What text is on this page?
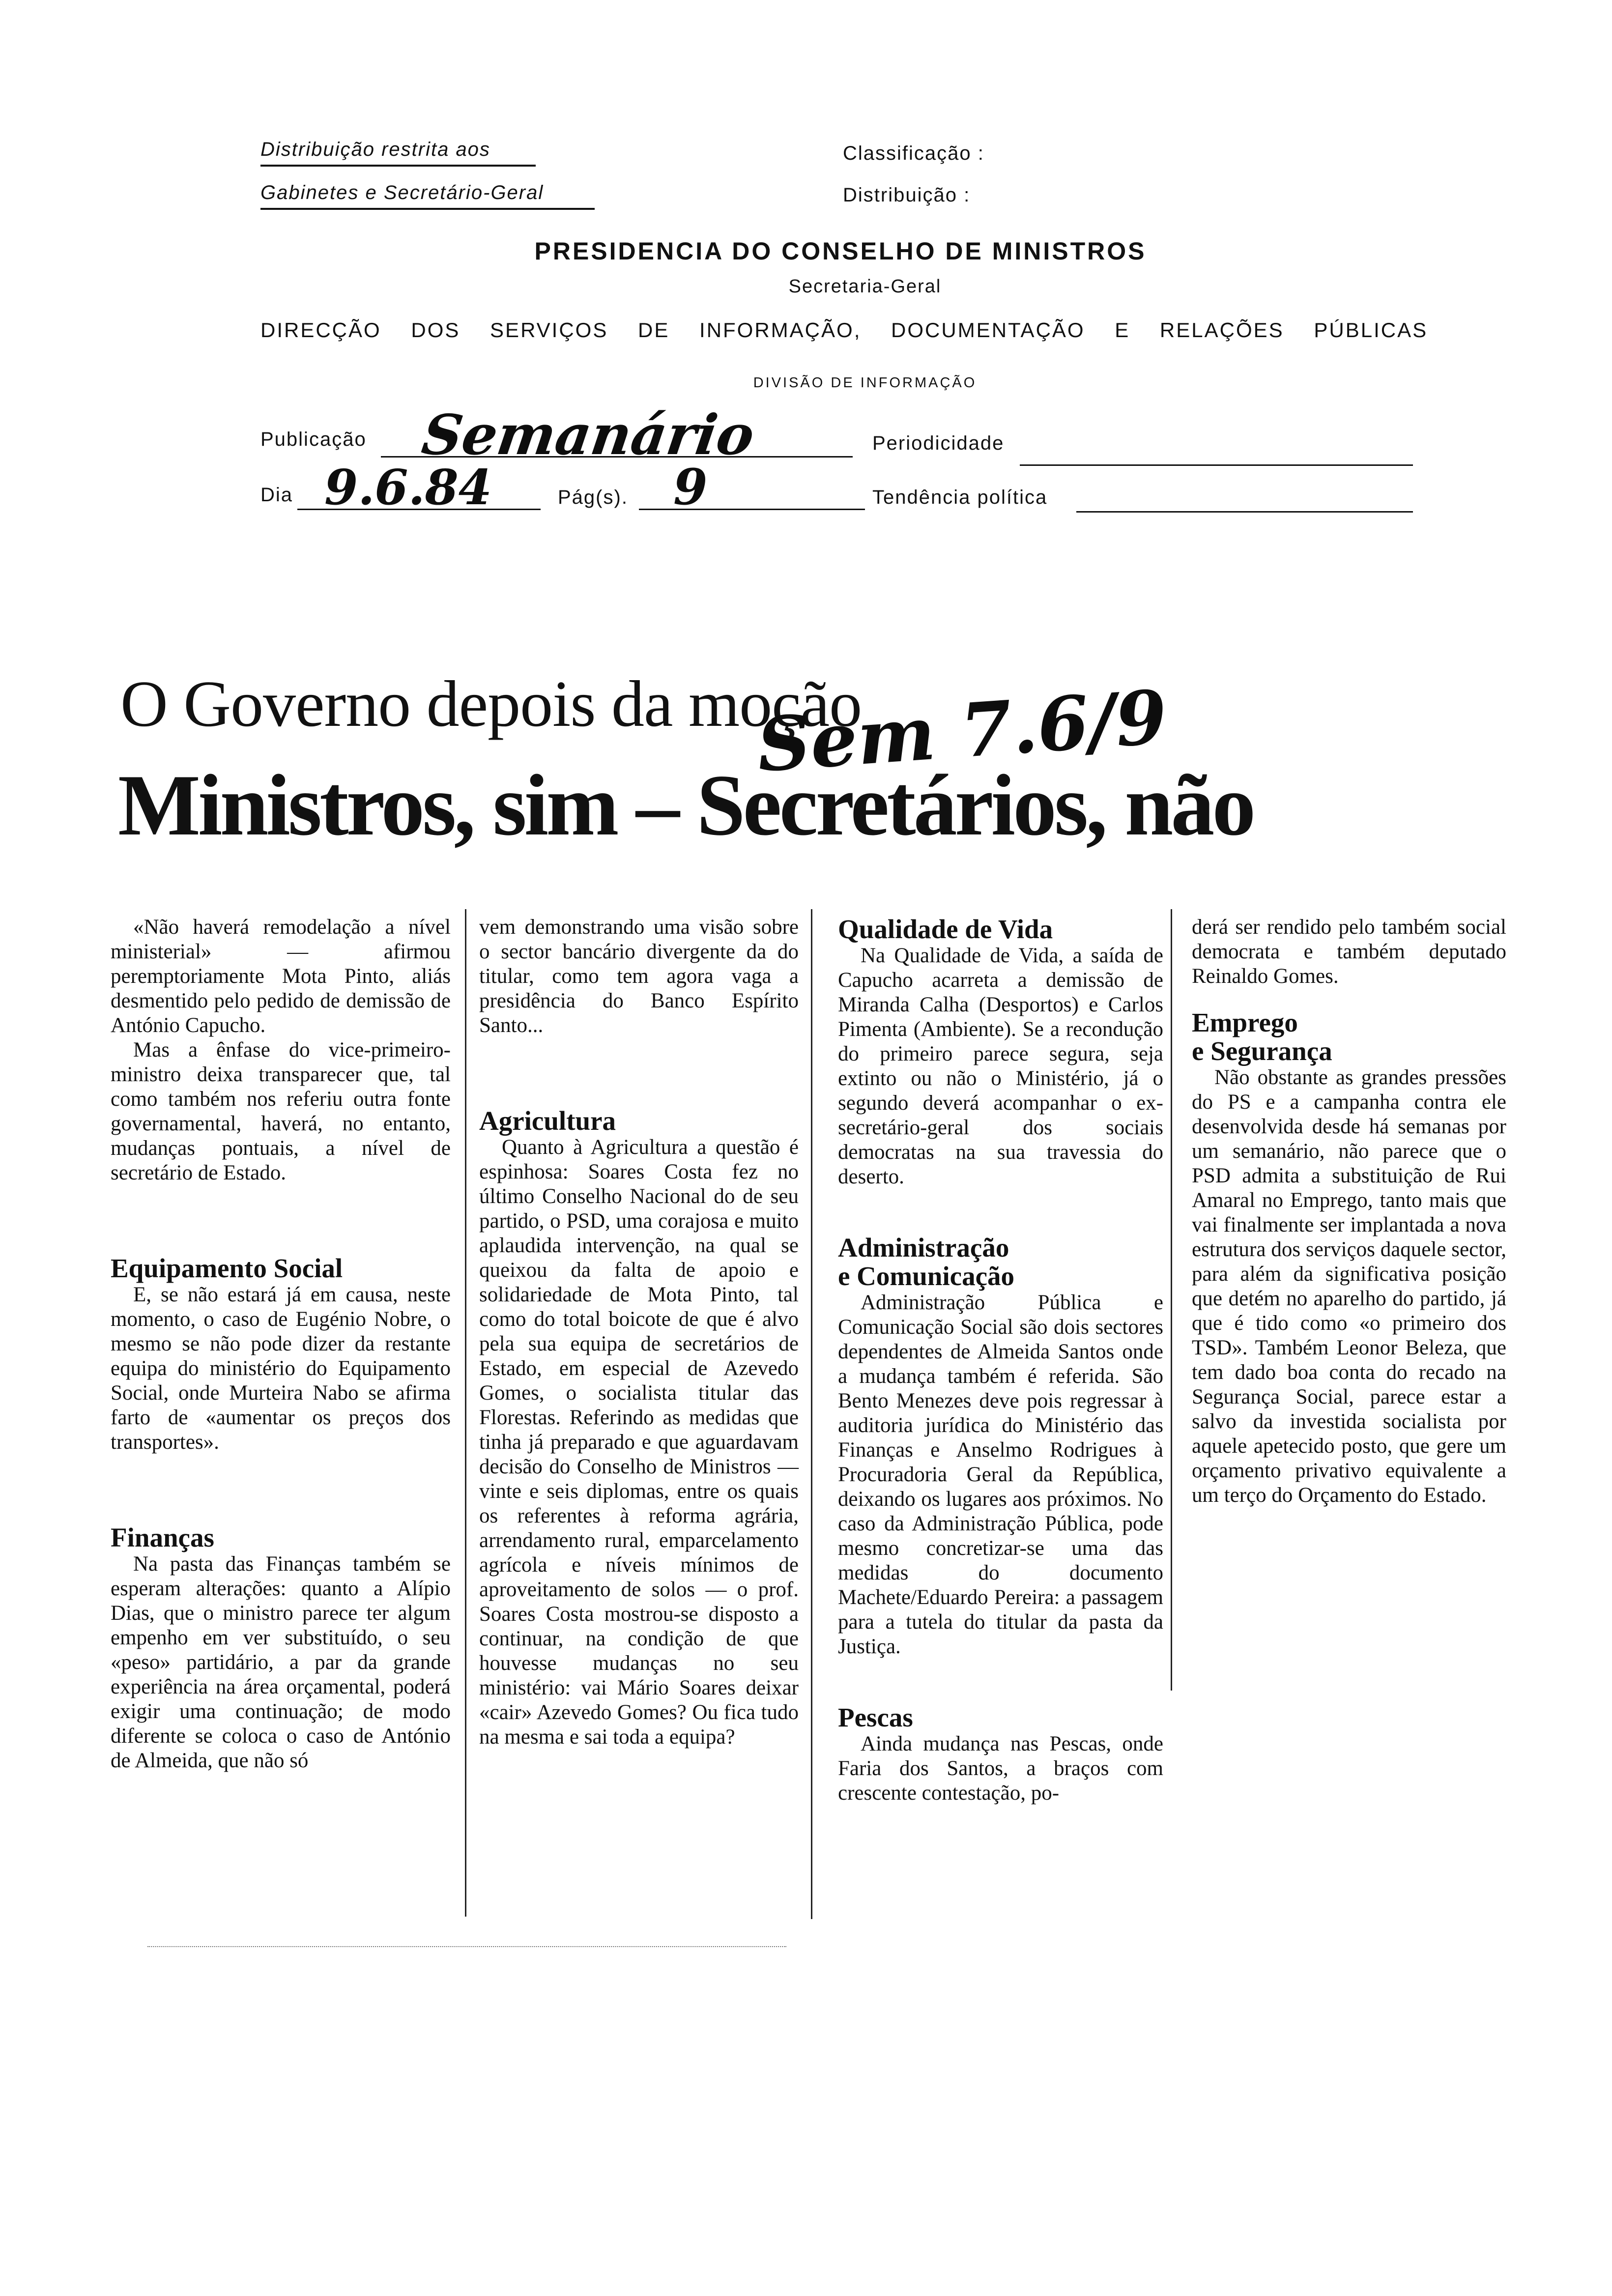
Distribuição restrita aos
Gabinetes e Secretário-Geral
Classificação :
Distribuição :
PRESIDENCIA DO CONSELHO DE MINISTROS
Secretaria-Geral
DIRECÇÃO DOS SERVIÇOS DE INFORMAÇÃO, DOCUMENTAÇÃO E RELAÇÕES PÚBLICAS
DIVISÃO DE INFORMAÇÃO
Publicação Semanário	Periodicidade
Dia 9.6.84	Pág(s). 9	Tendência política
O Governo depois da moção
Ministros, sim – Secretários, não
Sem 7.6/9

«Não haverá remodelação a nível ministerial» — afirmou peremptoriamente Mota Pinto, aliás desmentido pelo pedido de demissão de António Capucho.

Mas a ênfase do vice-primeiro-ministro deixa transparecer que, tal como também nos referiu outra fonte governamental, haverá, no entanto, mudanças pontuais, a nível de secretário de Estado.

Equipamento Social

E, se não estará já em causa, neste momento, o caso de Eugénio Nobre, o mesmo se não pode dizer da restante equipa do ministério do Equipamento Social, onde Murteira Nabo se afirma farto de «aumentar os preços dos transportes».

Finanças

Na pasta das Finanças também se esperam alterações: quanto a Alípio Dias, que o ministro parece ter algum empenho em ver substituído, o seu «peso» partidário, a par da grande experiência na área orçamental, poderá exigir uma continuação; de modo diferente se coloca o caso de António de Almeida, que não só

vem demonstrando uma visão sobre o sector bancário divergente da do titular, como tem agora vaga a presidência do Banco Espírito Santo...

Agricultura

Quanto à Agricultura a questão é espinhosa: Soares Costa fez no último Conselho Nacional do de seu partido, o PSD, uma corajosa e muito aplaudida intervenção, na qual se queixou da falta de apoio e solidariedade de Mota Pinto, tal como do total boicote de que é alvo pela sua equipa de secretários de Estado, em especial de Azevedo Gomes, o socialista titular das Florestas. Referindo as medidas que tinha já preparado e que aguardavam decisão do Conselho de Ministros — vinte e seis diplomas, entre os quais os referentes à reforma agrária, arrendamento rural, emparcelamento agrícola e níveis mínimos de aproveitamento de solos — o prof. Soares Costa mostrou-se disposto a continuar, na condição de que houvesse mudanças no seu ministério: vai Mário Soares deixar «cair» Azevedo Gomes? Ou fica tudo na mesma e sai toda a equipa?

Qualidade de Vida

Na Qualidade de Vida, a saída de Capucho acarreta a demissão de Miranda Calha (Desportos) e Carlos Pimenta (Ambiente). Se a recondução do primeiro parece segura, seja extinto ou não o Ministério, já o segundo deverá acompanhar o ex-secretário-geral dos sociais democratas na sua travessia do deserto.

Administração
e Comunicação

Administração Pública e Comunicação Social são dois sectores dependentes de Almeida Santos onde a mudança também é referida. São Bento Menezes deve pois regressar à auditoria jurídica do Ministério das Finanças e Anselmo Rodrigues à Procuradoria Geral da República, deixando os lugares aos próximos. No caso da Administração Pública, pode mesmo concretizar-se uma das medidas do documento Machete/Eduardo Pereira: a passagem para a tutela do titular da pasta da Justiça.

Pescas

Ainda mudança nas Pescas, onde Faria dos Santos, a braços com crescente contestação, po-

derá ser rendido pelo também social democrata e também deputado Reinaldo Gomes.

Emprego
e Segurança

Não obstante as grandes pressões do PS e a campanha contra ele desenvolvida desde há semanas por um semanário, não parece que o PSD admita a substituição de Rui Amaral no Emprego, tanto mais que vai finalmente ser implantada a nova estrutura dos serviços daquele sector, para além da significativa posição que detém no aparelho do partido, já que é tido como «o primeiro dos TSD». Também Leonor Beleza, que tem dado boa conta do recado na Segurança Social, parece estar a salvo da investida socialista por aquele apetecido posto, que gere um orçamento privativo equivalente a um terço do Orçamento do Estado.
